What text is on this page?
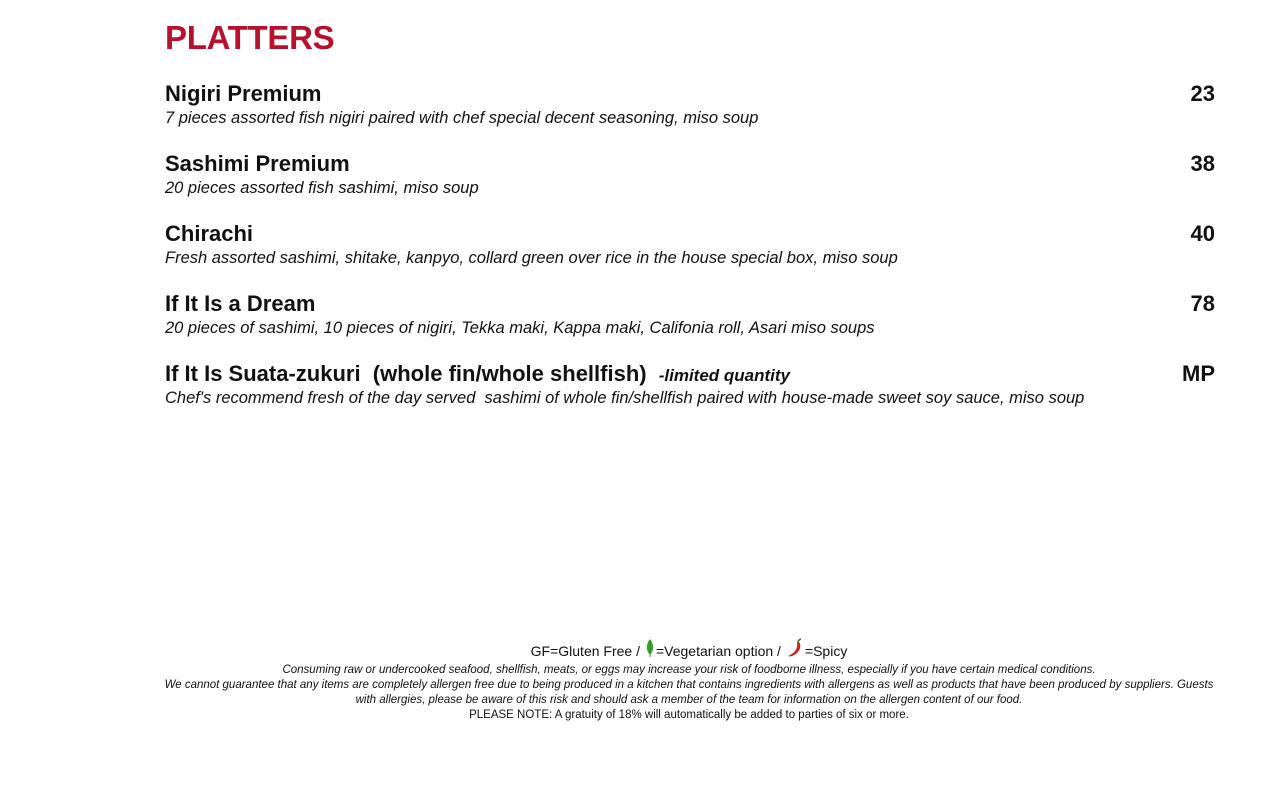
PLATTERS
Nigiri Premium	23
7 pieces assorted fish nigiri paired with chef special decent seasoning, miso soup
Sashimi Premium	38
20 pieces assorted fish sashimi, miso soup
Chirachi	40
Fresh assorted sashimi, shitake, kanpyo, collard green over rice in the house special box, miso soup
If It Is a Dream	78
20 pieces of sashimi, 10 pieces of nigiri, Tekka maki, Kappa maki, Califonia roll, Asari miso soups
If It Is Suata-zukuri  (whole fin/whole shellfish) -limited quantity	MP
Chef's recommend fresh of the day served  sashimi of whole fin/shellfish paired with house-made sweet soy sauce, miso soup
GF=Gluten Free / =Vegetarian option / =Spicy
Consuming raw or undercooked seafood, shellfish, meats, or eggs may increase your risk of foodborne illness, especially if you have certain medical conditions.
We cannot guarantee that any items are completely allergen free due to being produced in a kitchen that contains ingredients with allergens as well as products that have been produced by suppliers. Guests with allergies, please be aware of this risk and should ask a member of the team for information on the allergen content of our food.
PLEASE NOTE: A gratuity of 18% will automatically be added to parties of six or more.
